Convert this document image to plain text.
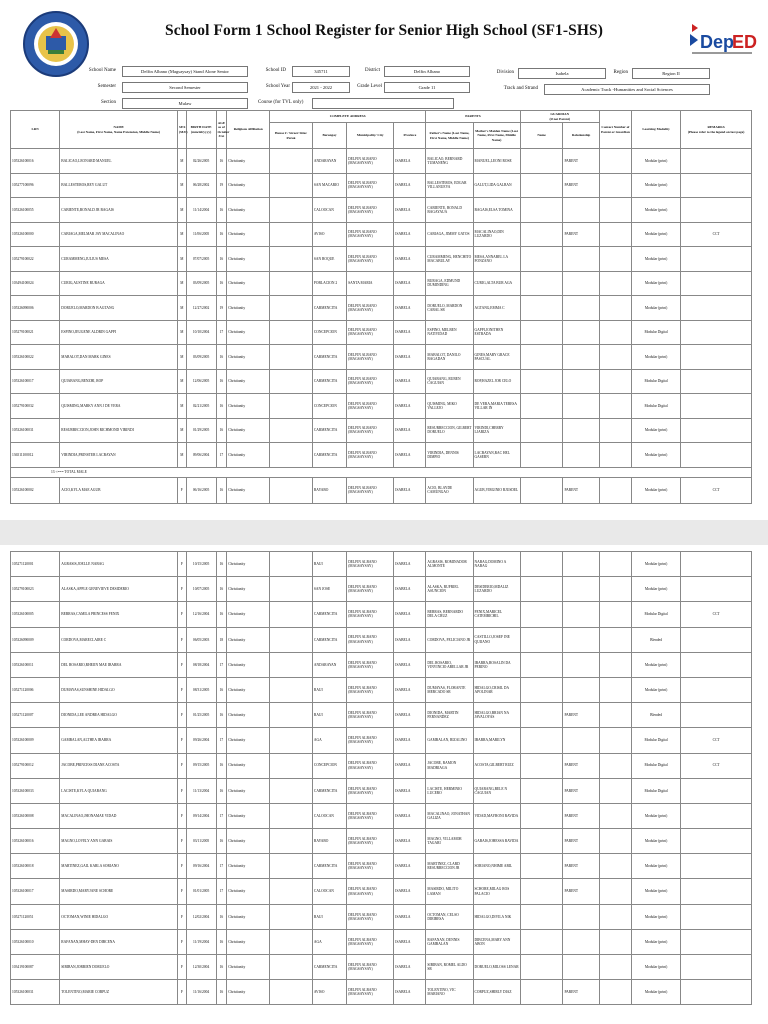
School Form 1 School Register for Senior High School (SF1-SHS)
Dep
ED
School Name	Delfin Albano (Magsaysay) Stand Alone Senior	School ID	345711	District	Delfin Albano	Division	Isabela	Region	Region II
Semester	Second Semester	School Year	2021 - 2022	Grade Level	Grade 11	Track and Strand	Academic Track -Humanities and Social Sciences
Section	Mulaw	Course (for TVL only)
LRN	NAME
(Last Name, First Name, Name Extension, Middle Name)	SEX (M/F)	BIRTH DATE
(mm/dd/yyyy)	AGE as of October 31st	Religious Affiliation	COMPLETE ADDRESS				PARENTS		GUARDIAN
(if not Parent)		Contact Number of Parent or Guardian	Learning Modality	REMARKS
(Please refer to the legend on last page)
						House # / Street/ Sitio/ Purok	Barangay	Municipality/ City	Province	Father's Name (Last Name, First Name, Middle Name)	Mother's Maiden Name (Last Name, First Name, Middle Name)	Name	Relationship			
105326100016	BALICAO,LEONARD MANUEL	M	02/26/2005	16	Christianity		ANDARAYAN	DELFIN ALBANO (MAGSAYSAY)	ISABELA	BALICAO, BERNARD TUMANENG	MANUEL,LEONI ROSE		PARENT		Modular (print)	
105277100096	BALLESTEROS,REY GALUT	M	06/28/2002	19	Christianity		SAN MACARIO	DELFIN ALBANO (MAGSAYSAY)	ISABELA	BALLESTEROS, EDGAR VILLANUEVA	GALUT,LIDA GALBAN		PARENT		Modular (print)	
105326100055	CABIENTE,RONALD JR BAGAIS	M	11/14/2004	16	Christianity		CALOOCAN	DELFIN ALBANO (MAGSAYSAY)	ISABELA	CABIENTE, RONALD BAGAYAUA	BAGAIS,ELSA TOMINA				Modular (print)	
105326100000	CABIAGA,MELMAR JAY MACALINAO	M	11/06/2005	16	Christianity		AVISO	DELFIN ALBANO (MAGSAYSAY)	ISABELA	CABIAGA, JIMMY GATOS	MACALINAO,DIN LUZARDO		PARENT		Modular (print)	CCT
105279100022	CURAMMENG,JULIUS MESA	M	07/07/2005	16	Christianity		SAN ROQUE	DELFIN ALBANO (MAGSAYSAY)	ISABELA	CURAMMENG, HENCHITO MACABULAY	MESA,ANNABEL LA FONZANO				Modular (print)	
103494100024	CURIG,AUSTINE BURAGA	M	03/09/2005	16	Christianity		POBLACION 2	SANTA MARIA	ISABELA	BURAGA, EDMUND DUMINDING	CURIG,ALTA BUR AGA				Modular (print)	
105326090006	DORUELO,MARDON B AGTANG	M	12/27/2002	19	Christianity		CARMENCITA	DELFIN ALBANO (MAGSAYSAY)	ISABELA	DORUELO, MARDON CABAL SR	AGTANG,EMMA C				Modular (print)	
105279100021	ESPINO,JEUGENE ALDRIN GAPPI	M	10/10/2004	17	Christianity		CONCEPCION	DELFIN ALBANO (MAGSAYSAY)	ISABELA	ESPINO, MELBEN NATIVIDAD	GAPPI,JONITHEN ESTRADA				Modular Digital	
105326100022	MABALOT,DAN MARK GINES	M	03/09/2005	16	Christianity		CARMENCITA	DELFIN ALBANO (MAGSAYSAY)	ISABELA	MABALOT, DANILO BAGADAN	GINES,MARY GRACE PASCUAL				Modular (print)	
105326100017	QUIABANG,BENZHI, ROP	M	12/06/2005	16	Christianity		CARMENCITA	DELFIN ALBANO (MAGSAYSAY)	ISABELA	QUIABANG, RUBEN CAGUIAN	ROP,HAZEL JOR CELO				Modular Digital	
105279100032	QUISMING,MARKY ANN J DE VERA	M	02/21/2005	16	Christianity		CONCEPCION	DELFIN ALBANO (MAGSAYSAY)	ISABELA	QUISMING, MIKO VALLEJO	DE VERA,MARIA TERESA VILLAR IN				Modular Digital	
105326100031	RESURRECCION,JOHN RICHMOND VIRINDI	M	01/29/2005	16	Christianity		CARMENCITA	DELFIN ALBANO (MAGSAYSAY)	ISABELA	RESURRECCION, GILBERT DORUELO	VIRINDI,CHERRY LJARIZA				Modular (print)	
136511100012	VIRINDIA,PRINSTER LACBAYAN	M	09/06/2004	17	Christianity		CARMENCITA	DELFIN ALBANO (MAGSAYSAY)	ISABELA	VIRINDIA, DENNIS DIMPIO	LACBAYAN,RAC HEL GASERN				Modular (print)	
13 <=== TOTAL MALE																
105326100002	ACIO,KYLA MAE AGUB	F	06/16/2005	16	Christianity		BAYABO	DELFIN ALBANO (MAGSAYSAY)	ISABELA	ACIO, BLAYDE CAMUNGAO	AGUB,VIRGINIO RJUSDEL		PARENT		Modular (print)	CCT
105271120001	AGRASIS,JOELLE NABAG	F	10/15/2005	16	Christianity		BAUI	DELFIN ALBANO (MAGSAYSAY)	ISABELA	AGRASIS, ROMINADOR ALMONTE	NABAG,DOMINO A NABAG				Modular (print)	
105279100023	ALASKA,APPLE GENEVIEVE DESIDERIO	F	10/07/2005	16	Christianity		SAN JOSE	DELFIN ALBANO (MAGSAYSAY)	ISABELA	ALASKA, RUFRIEL ASUNCION	DESIDERIO,MDALIZ LUZARDO				Modular (print)	
105326100005	BERRAS,CAMILA PRINCESS FENIX	F	12/16/2004	16	Christianity		CARMENCITA	DELFIN ALBANO (MAGSAYSAY)	ISABELA	BERRAS, BERNARDO DELA CRUZ	FENIX,MARICEL CATEMBICHIL				Modular Digital	CCT
105326090009	CORDOVA,MARECLAIRE C	F	06/05/2003	18	Christianity		CARMENCITA	DELFIN ALBANO (MAGSAYSAY)	ISABELA	CORDOVA, FELICIANO JR	CASTILLO,JOSEF INE QUIJANO				Blended	
105326100011	DEL ROSARIO,RHEJIN MAE IBARRA	F	08/18/2004	17	Christianity		ANDARAYAN	DELFIN ALBANO (MAGSAYSAY)	ISABELA	DEL ROSARIO, VINVINCIO ABELLAR JR	IBARRA,ROSALIN DA PERINO				Modular (print)	
105271120006	DUMAYAS,SUNSHINE HIDALGO	F	08/31/2005	16	Christianity		BAUI	DELFIN ALBANO (MAGSAYSAY)	ISABELA	DUMAYAS, FLORANTE MERCADO SR	HIDALGO,CRISIL DA APOLINAR				Modular (print)	
105271120007	DIONIDA,LEE ANDREA HIDALGO	F	01/25/2005	16	Christianity		BAUI	DELFIN ALBANO (MAGSAYSAY)	ISABELA	DIONIDA, MARTIN FERNANDEZ	HIDALGO,BRIAN NA JAVALOYAS		PARENT		Blended	
105326100009	GAMBALAN,ALTHEA IBARRA	F	09/26/2004	17	Christianity		AGA	DELFIN ALBANO (MAGSAYSAY)	ISABELA	GAMBALAN, RIZALINO	IBARRA,MARILYN				Modular Digital	CCT
105279100012	JACOBE,PRINCESS DIANE ACOSTA	F	09/15/2005	16	Christianity		CONCEPCION	DELFIN ALBANO (MAGSAYSAY)	ISABELA	JACOBE, RAMON MADRIAGA	ACOSTA,GILBERT RUIZ		PARENT		Modular Digital	CCT
105326100033	LACISTE,KYLA QUIABANG	F	11/13/2004	16	Christianity		CARMENCITA	DELFIN ALBANO (MAGSAYSAY)	ISABELA	LACISTE, HERMINIO LUCERO	QUIABANG,BELE N CAGUIAN		PARENT		Modular Digital	
105326100008	MACALINAO,JHONAMAE VIDAD	F	09/14/2004	17	Christianity		CALOOCAN	DELFIN ALBANO (MAGSAYSAY)	ISABELA	MACALINAO, JONATHAN GALIZA	VIDAD,MAYRONI RAVIDA		PARENT		Modular (print)	
105326100016	MAGNO,LOVELY ANN GABAIS	F	03/11/2005	16	Christianity		BAYABO	DELFIN ALBANO (MAGSAYSAY)	ISABELA	MAGNO, VILLAMOR TAGARI	GABAIS,JOHESSA RAVIDA		PARENT		Modular (print)	
105326100018	MARTINEZ,GAIL KARLA SORIANO	F	09/16/2004	17	Christianity		CARMENCITA	DELFIN ALBANO (MAGSAYSAY)	ISABELA	MARTINEZ, CLARD RESURRECCION JR	SORIANO,NHIME ABIL		PARENT		Modular (print)	
105326100017	MASIRDO,MARYJANE SCHORE	F	01/01/2005	17	Christianity		CALOOCAN	DELFIN ALBANO (MAGSAYSAY)	ISABELA	MASIRDO, MILITO LAMAN	SCHORE,MILAG ROS PALACIO		PARENT		Modular (print)	
105271120051	OCTOMAN,WINIE HIDALGO	F	12/02/2004	16	Christianity		BAUI	DELFIN ALBANO (MAGSAYSAY)	ISABELA	OCTOMAN, CELSO DIRIBESA	HIDALGO,DIVILA NIK				Modular (print)	
105326100010	RAFANAN,MHAY-DEN DIBCENA	F	11/19/2004	16	Christianity		AGA	DELFIN ALBANO (MAGSAYSAY)	ISABELA	RAFANAN, DENNIS GAMBALAN	DIBCENA,MARY ANN ABON				Modular (print)	
103419100087	SIBIBAN,JORRIEN DORUELO	F	12/30/2004	16	Christianity		CARMENCITA	DELFIN ALBANO (MAGSAYSAY)	ISABELA	SIBIBAN, ROMEL ALDO SR	DORUELO,MILOSS LENAR				Modular (print)	
105326100031	TOLENTINO,MARIE CORPUZ	F	11/16/2004	16	Christianity		AVISO	DELFIN ALBANO (MAGSAYSAY)	ISABELA	TOLENTINO, VIC MARIANO	CORPUZ,SHIRLY DIAZ		PARENT		Modular (print)	
